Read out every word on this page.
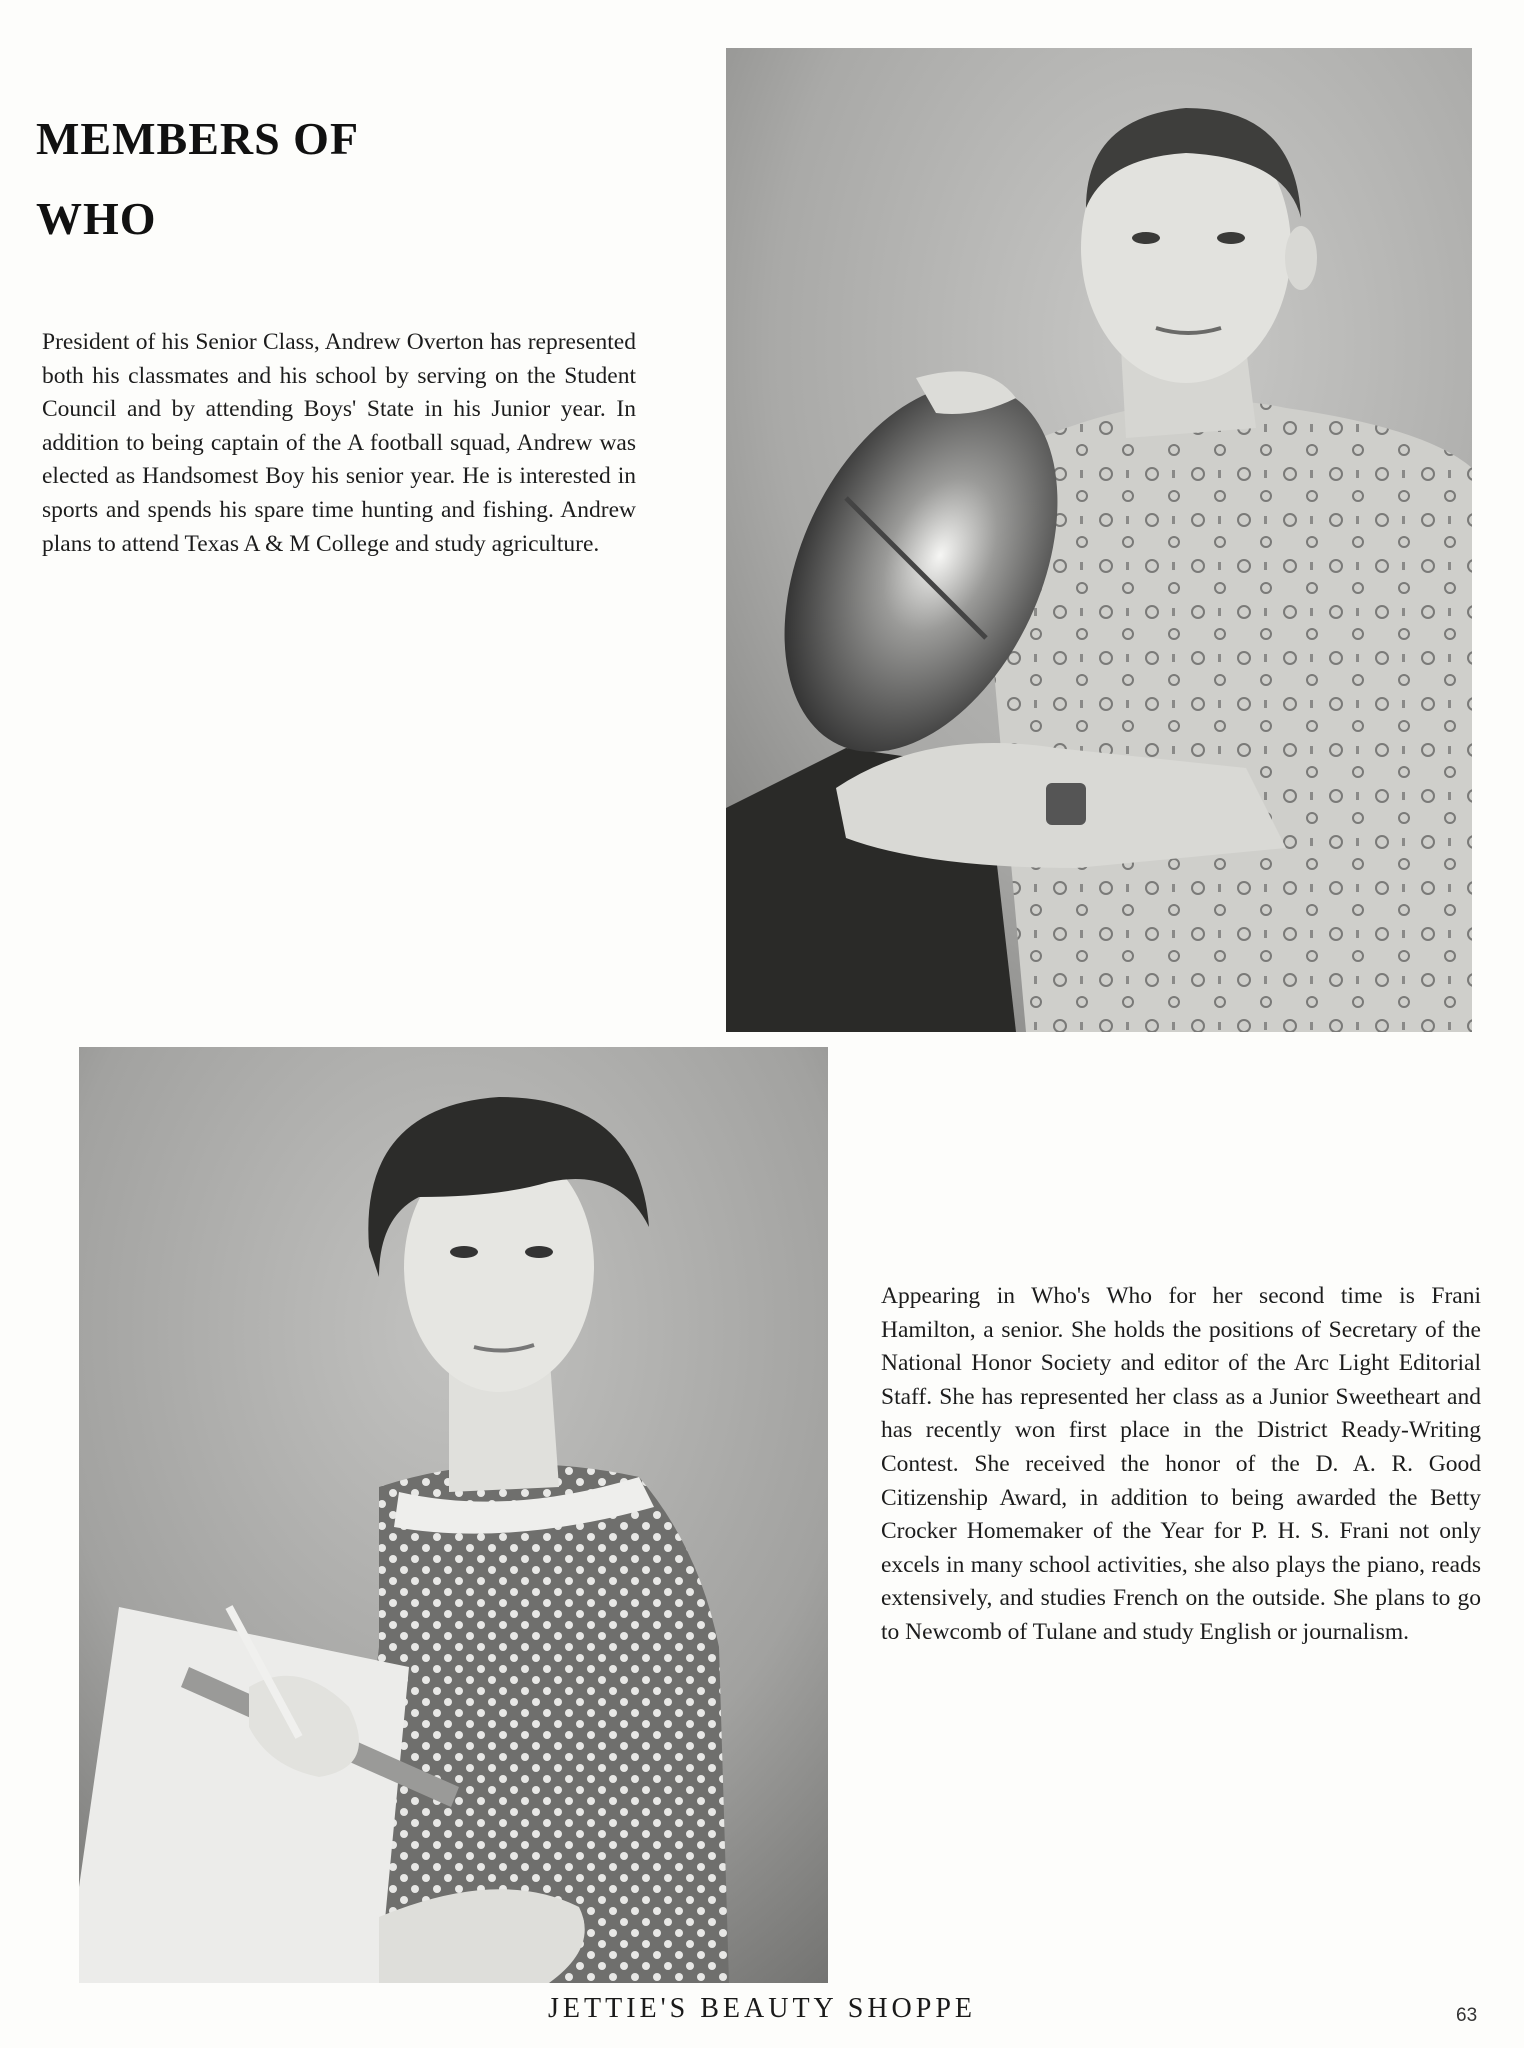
MEMBERS OF
WHO

President of his Senior Class, Andrew Overton has represented both his classmates and his school by serving on the Student Council and by attending Boys' State in his Junior year. In addition to being captain of the A football squad, Andrew was elected as Handsomest Boy his senior year. He is interested in sports and spends his spare time hunting and fishing. Andrew plans to attend Texas A & M College and study agriculture.

Appearing in Who's Who for her second time is Frani Hamilton, a senior. She holds the positions of Secretary of the National Honor Society and editor of the Arc Light Editorial Staff. She has represented her class as a Junior Sweetheart and has recently won first place in the District Ready-Writing Contest. She received the honor of the D. A. R. Good Citizenship Award, in addition to being awarded the Betty Crocker Homemaker of the Year for P. H. S. Frani not only excels in many school activities, she also plays the piano, reads extensively, and studies French on the outside. She plans to go to Newcomb of Tulane and study English or journalism.

JETTIE'S BEAUTY SHOPPE	63
